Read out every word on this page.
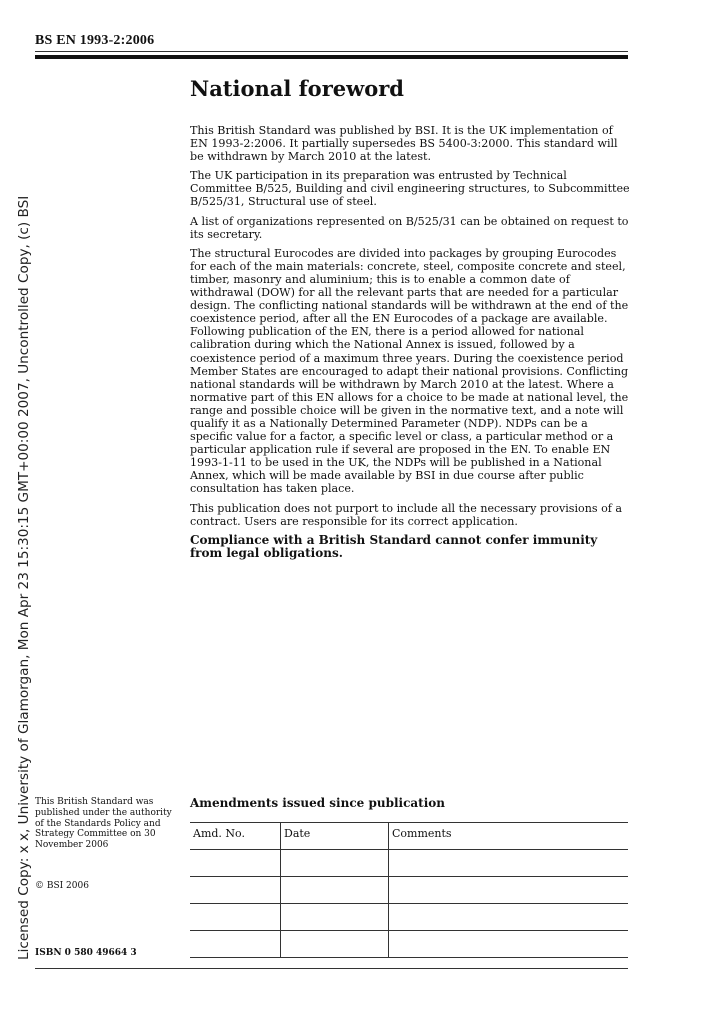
BS EN 1993-2:2006
Licensed Copy: x x, University of Glamorgan, Mon Apr 23 15:30:15 GMT+00:00 2007, Uncontrolled Copy, (c) BSI
National foreword

This British Standard was published by BSI. It is the UK implementation of EN 1993-2:2006. It partially supersedes BS 5400-3:2000. This standard will be withdrawn by March 2010 at the latest.

The UK participation in its preparation was entrusted by Technical Committee B/525, Building and civil engineering structures, to Subcommittee B/525/31, Structural use of steel.

A list of organizations represented on B/525/31 can be obtained on request to its secretary.

The structural Eurocodes are divided into packages by grouping Eurocodes for each of the main materials: concrete, steel, composite concrete and steel, timber, masonry and aluminium; this is to enable a common date of withdrawal (DOW) for all the relevant parts that are needed for a particular design. The conflicting national standards will be withdrawn at the end of the coexistence period, after all the EN Eurocodes of a package are available. Following publication of the EN, there is a period allowed for national calibration during which the National Annex is issued, followed by a coexistence period of a maximum three years. During the coexistence period Member States are encouraged to adapt their national provisions. Conflicting national standards will be withdrawn by March 2010 at the latest. Where a normative part of this EN allows for a choice to be made at national level, the range and possible choice will be given in the normative text, and a note will qualify it as a Nationally Determined Parameter (NDP). NDPs can be a specific value for a factor, a specific level or class, a particular method or a particular application rule if several are proposed in the EN. To enable EN 1993-1-11 to be used in the UK, the NDPs will be published in a National Annex, which will be made available by BSI in due course after public consultation has taken place.

This publication does not purport to include all the necessary provisions of a contract. Users are responsible for its correct application.

Compliance with a British Standard cannot confer immunity from legal obligations.

This British Standard was published under the authority of the Standards Policy and Strategy Committee on 30 November 2006
© BSI 2006
ISBN 0 580 49664 3
Amendments issued since publication
Amd. No.	Date	Comments
